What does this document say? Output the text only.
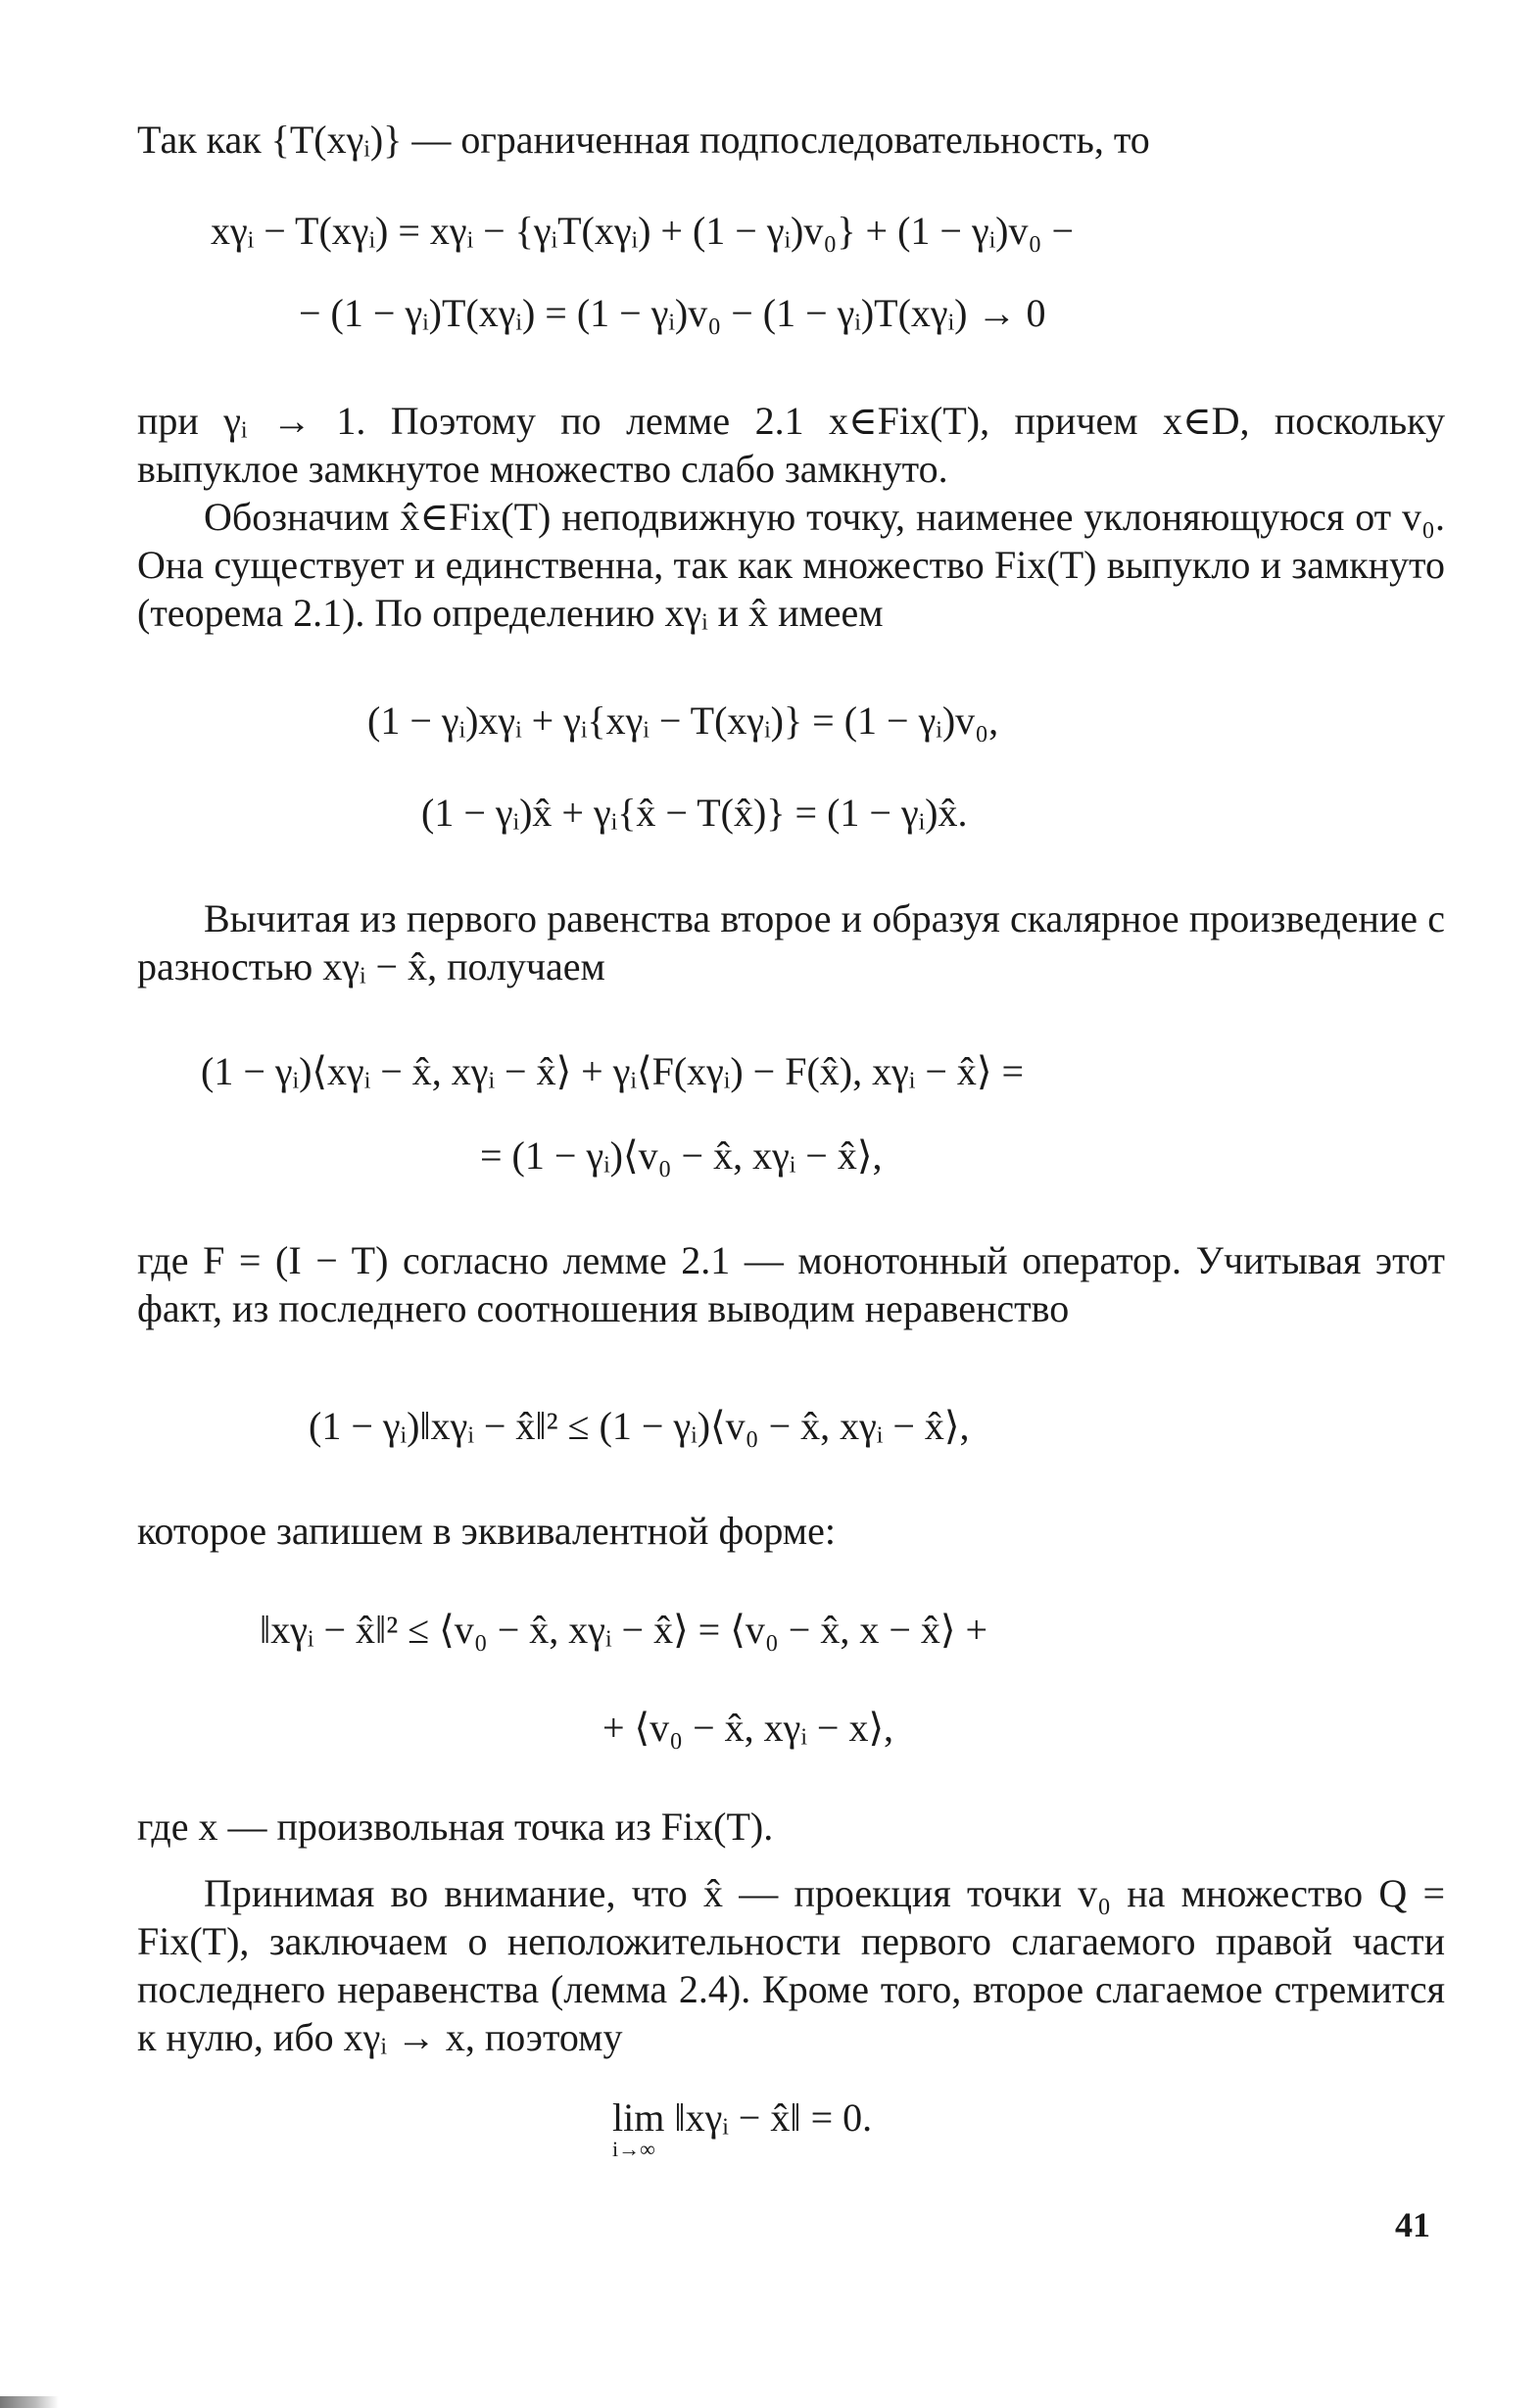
Так как {T(xγᵢ)} — ограниченная подпоследовательность, то

xγᵢ − T(xγᵢ) = xγᵢ − {γᵢT(xγᵢ) + (1 − γᵢ)v₀} + (1 − γᵢ)v₀ −

− (1 − γᵢ)T(xγᵢ) = (1 − γᵢ)v₀ − (1 − γᵢ)T(xγᵢ) → 0

при γᵢ → 1. Поэтому по лемме 2.1 x∈Fix(T), причем x∈D, поскольку выпуклое замкнутое множество слабо замкнуто.

Обозначим x̂∈Fix(T) неподвижную точку, наименее уклоняющуюся от v₀. Она существует и единственна, так как множество Fix(T) выпукло и замкнуто (теорема 2.1). По определению xγᵢ и x̂ имеем

(1 − γᵢ)xγᵢ + γᵢ{xγᵢ − T(xγᵢ)} = (1 − γᵢ)v₀,

(1 − γᵢ)x̂ + γᵢ{x̂ − T(x̂)} = (1 − γᵢ)x̂.

Вычитая из первого равенства второе и образуя скалярное произведение с разностью xγᵢ − x̂, получаем

(1 − γᵢ)⟨xγᵢ − x̂, xγᵢ − x̂⟩ + γᵢ⟨F(xγᵢ) − F(x̂), xγᵢ − x̂⟩ =

= (1 − γᵢ)⟨v₀ − x̂, xγᵢ − x̂⟩,

где F = (I − T) согласно лемме 2.1 — монотонный оператор. Учитывая этот факт, из последнего соотношения выводим неравенство

(1 − γᵢ)‖xγᵢ − x̂‖² ≤ (1 − γᵢ)⟨v₀ − x̂, xγᵢ − x̂⟩,

которое запишем в эквивалентной форме:

‖xγᵢ − x̂‖² ≤ ⟨v₀ − x̂, xγᵢ − x̂⟩ = ⟨v₀ − x̂, x − x̂⟩ +

+ ⟨v₀ − x̂, xγᵢ − x⟩,

где x — произвольная точка из Fix(T).

Принимая во внимание, что x̂ — проекция точки v₀ на множество Q = Fix(T), заключаем о неположительности первого слагаемого правой части последнего неравенства (лемма 2.4). Кроме того, второе слагаемое стремится к нулю, ибо xγᵢ → x, поэтому

lim ‖xγᵢ − x̂‖ = 0.

i→∞

41
